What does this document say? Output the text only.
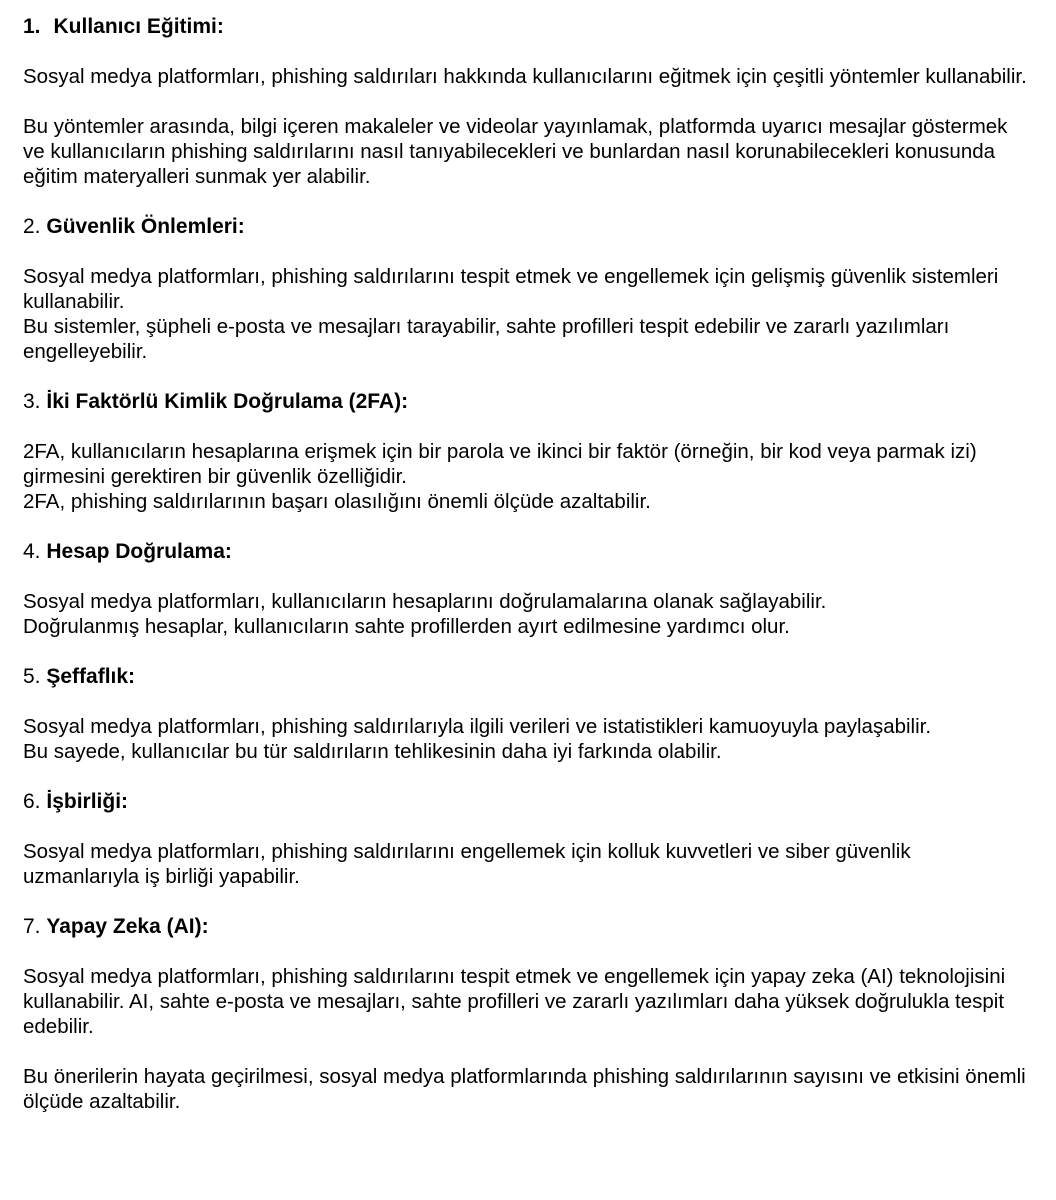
1. Kullanıcı Eğitimi:

Sosyal medya platformları, phishing saldırıları hakkında kullanıcılarını eğitmek için çeşitli yöntemler kullanabilir.

Bu yöntemler arasında, bilgi içeren makaleler ve videolar yayınlamak, platformda uyarıcı mesajlar göstermek ve kullanıcıların phishing saldırılarını nasıl tanıyabilecekleri ve bunlardan nasıl korunabilecekleri konusunda eğitim materyalleri sunmak yer alabilir.

2. Güvenlik Önlemleri:

Sosyal medya platformları, phishing saldırılarını tespit etmek ve engellemek için gelişmiş güvenlik sistemleri kullanabilir.

Bu sistemler, şüpheli e-posta ve mesajları tarayabilir, sahte profilleri tespit edebilir ve zararlı yazılımları engelleyebilir.

3. İki Faktörlü Kimlik Doğrulama (2FA):

2FA, kullanıcıların hesaplarına erişmek için bir parola ve ikinci bir faktör (örneğin, bir kod veya parmak izi) girmesini gerektiren bir güvenlik özelliğidir.

2FA, phishing saldırılarının başarı olasılığını önemli ölçüde azaltabilir.

4. Hesap Doğrulama:

Sosyal medya platformları, kullanıcıların hesaplarını doğrulamalarına olanak sağlayabilir.

Doğrulanmış hesaplar, kullanıcıların sahte profillerden ayırt edilmesine yardımcı olur.

5. Şeffaflık:

Sosyal medya platformları, phishing saldırılarıyla ilgili verileri ve istatistikleri kamuoyuyla paylaşabilir.

Bu sayede, kullanıcılar bu tür saldırıların tehlikesinin daha iyi farkında olabilir.

6. İşbirliği:

Sosyal medya platformları, phishing saldırılarını engellemek için kolluk kuvvetleri ve siber güvenlik uzmanlarıyla iş birliği yapabilir.

7. Yapay Zeka (AI):

Sosyal medya platformları, phishing saldırılarını tespit etmek ve engellemek için yapay zeka (AI) teknolojisini kullanabilir. AI, sahte e-posta ve mesajları, sahte profilleri ve zararlı yazılımları daha yüksek doğrulukla tespit edebilir.

Bu önerilerin hayata geçirilmesi, sosyal medya platformlarında phishing saldırılarının sayısını ve etkisini önemli ölçüde azaltabilir.
